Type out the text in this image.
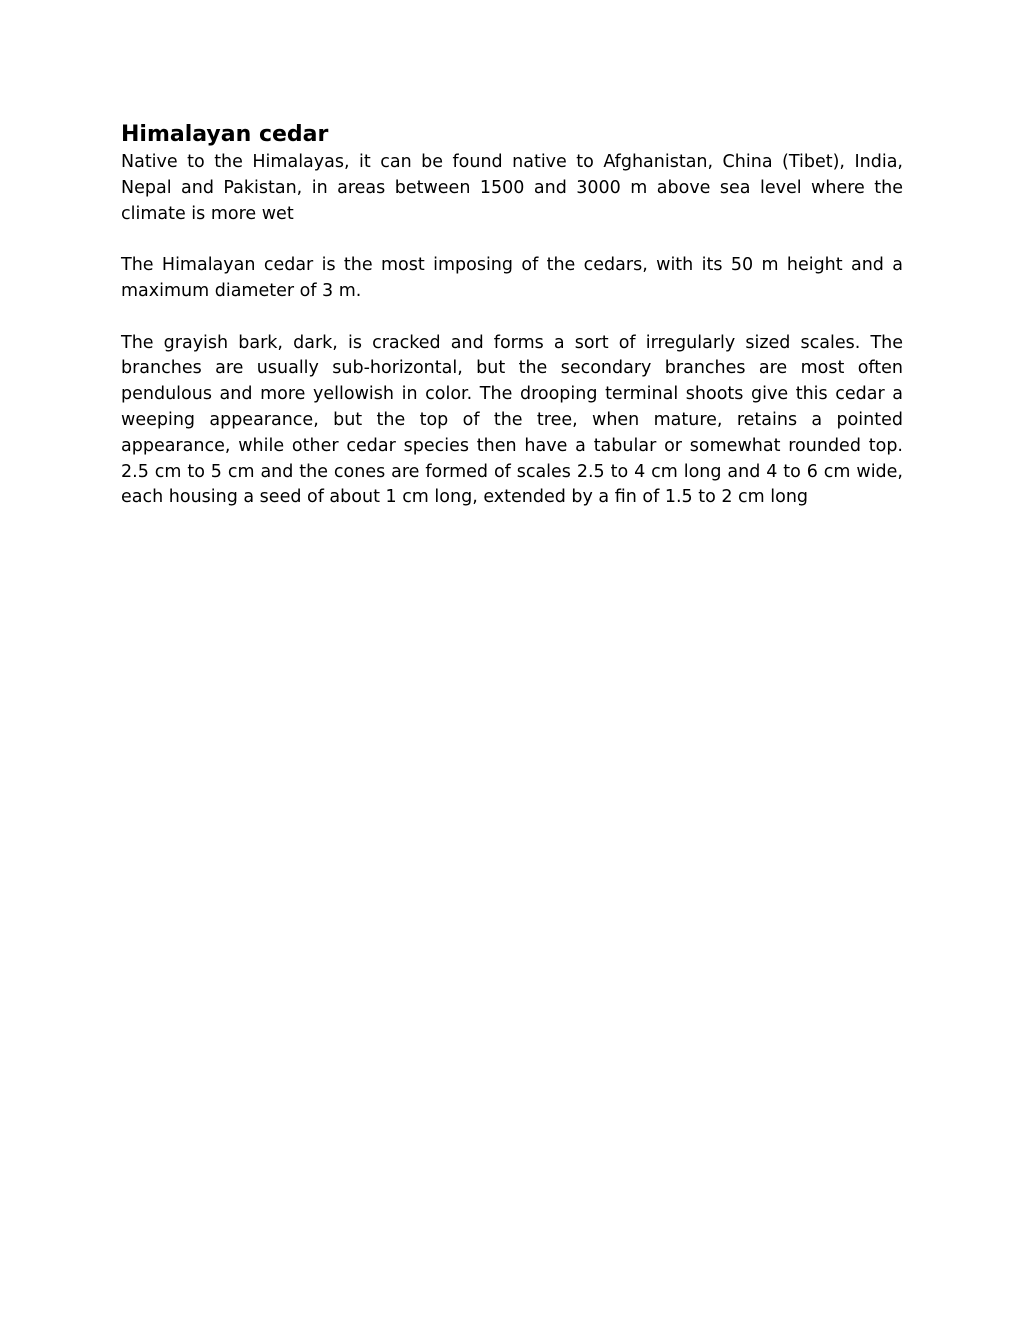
Himalayan cedar

Native to the Himalayas, it can be found native to Afghanistan, China (Tibet), India, Nepal and Pakistan, in areas between 1500 and 3000 m above sea level where the climate is more wet

The Himalayan cedar is the most imposing of the cedars, with its 50 m height and a maximum diameter of 3 m.

The grayish bark, dark, is cracked and forms a sort of irregularly sized scales. The branches are usually sub-horizontal, but the secondary branches are most often pendulous and more yellowish in color. The drooping terminal shoots give this cedar a weeping appearance, but the top of the tree, when mature, retains a pointed appearance, while other cedar species then have a tabular or somewhat rounded top. 2.5 cm to 5 cm and the cones are formed of scales 2.5 to 4 cm long and 4 to 6 cm wide, each housing a seed of about 1 cm long, extended by a fin of 1.5 to 2 cm long
